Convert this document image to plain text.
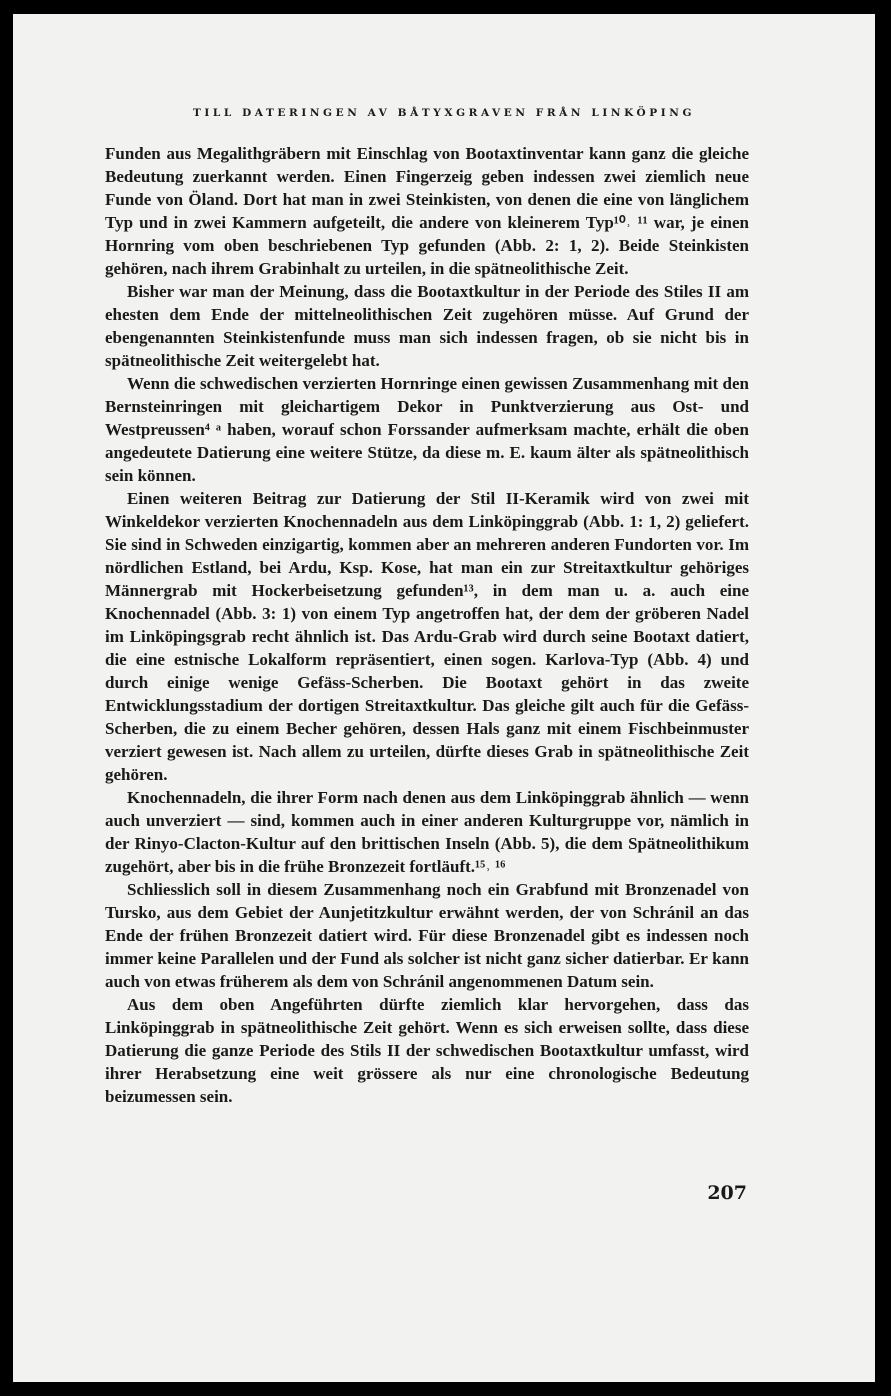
TILL DATERINGEN AV BÅTYXGRAVEN FRÅN LINKÖPING

Funden aus Megalithgräbern mit Einschlag von Bootaxtinventar kann ganz die gleiche Bedeutung zuerkannt werden. Einen Fingerzeig geben indessen zwei ziemlich neue Funde von Öland. Dort hat man in zwei Steinkisten, von denen die eine von länglichem Typ und in zwei Kammern aufgeteilt, die andere von kleinerem Typ¹⁰˒ ¹¹ war, je einen Hornring vom oben beschriebenen Typ gefunden (Abb. 2: 1, 2). Beide Steinkisten gehören, nach ihrem Grabinhalt zu urteilen, in die spätneolithische Zeit.

Bisher war man der Meinung, dass die Bootaxtkultur in der Periode des Stiles II am ehesten dem Ende der mittelneolithischen Zeit zugehören müsse. Auf Grund der ebengenannten Steinkistenfunde muss man sich indessen fragen, ob sie nicht bis in spätneolithische Zeit weitergelebt hat.

Wenn die schwedischen verzierten Hornringe einen gewissen Zusammenhang mit den Bernsteinringen mit gleichartigem Dekor in Punktverzierung aus Ost- und Westpreussen⁴ ᵃ haben, worauf schon Forssander aufmerksam machte, erhält die oben angedeutete Datierung eine weitere Stütze, da diese m. E. kaum älter als spätneolithisch sein können.

Einen weiteren Beitrag zur Datierung der Stil II-Keramik wird von zwei mit Winkeldekor verzierten Knochennadeln aus dem Linköpinggrab (Abb. 1: 1, 2) geliefert. Sie sind in Schweden einzigartig, kommen aber an mehreren anderen Fundorten vor. Im nördlichen Estland, bei Ardu, Ksp. Kose, hat man ein zur Streitaxtkultur gehöriges Männergrab mit Hockerbeisetzung gefunden¹³, in dem man u. a. auch eine Knochennadel (Abb. 3: 1) von einem Typ angetroffen hat, der dem der gröberen Nadel im Linköpingsgrab recht ähnlich ist. Das Ardu-Grab wird durch seine Bootaxt datiert, die eine estnische Lokalform repräsentiert, einen sogen. Karlova-Typ (Abb. 4) und durch einige wenige Gefäss-Scherben. Die Bootaxt gehört in das zweite Entwicklungsstadium der dortigen Streitaxtkultur. Das gleiche gilt auch für die Gefäss-Scherben, die zu einem Becher gehören, dessen Hals ganz mit einem Fischbeinmuster verziert gewesen ist. Nach allem zu urteilen, dürfte dieses Grab in spätneolithische Zeit gehören.

Knochennadeln, die ihrer Form nach denen aus dem Linköpinggrab ähnlich — wenn auch unverziert — sind, kommen auch in einer anderen Kulturgruppe vor, nämlich in der Rinyo-Clacton-Kultur auf den brittischen Inseln (Abb. 5), die dem Spätneolithikum zugehört, aber bis in die frühe Bronzezeit fortläuft.¹⁵˒ ¹⁶

Schliesslich soll in diesem Zusammenhang noch ein Grabfund mit Bronzenadel von Tursko, aus dem Gebiet der Aunjetitzkultur erwähnt werden, der von Schránil an das Ende der frühen Bronzezeit datiert wird. Für diese Bronzenadel gibt es indessen noch immer keine Parallelen und der Fund als solcher ist nicht ganz sicher datierbar. Er kann auch von etwas früherem als dem von Schránil angenommenen Datum sein.

Aus dem oben Angeführten dürfte ziemlich klar hervorgehen, dass das Linköpinggrab in spätneolithische Zeit gehört. Wenn es sich erweisen sollte, dass diese Datierung die ganze Periode des Stils II der schwedischen Bootaxtkultur umfasst, wird ihrer Herabsetzung eine weit grössere als nur eine chronologische Bedeutung beizumessen sein.

207
